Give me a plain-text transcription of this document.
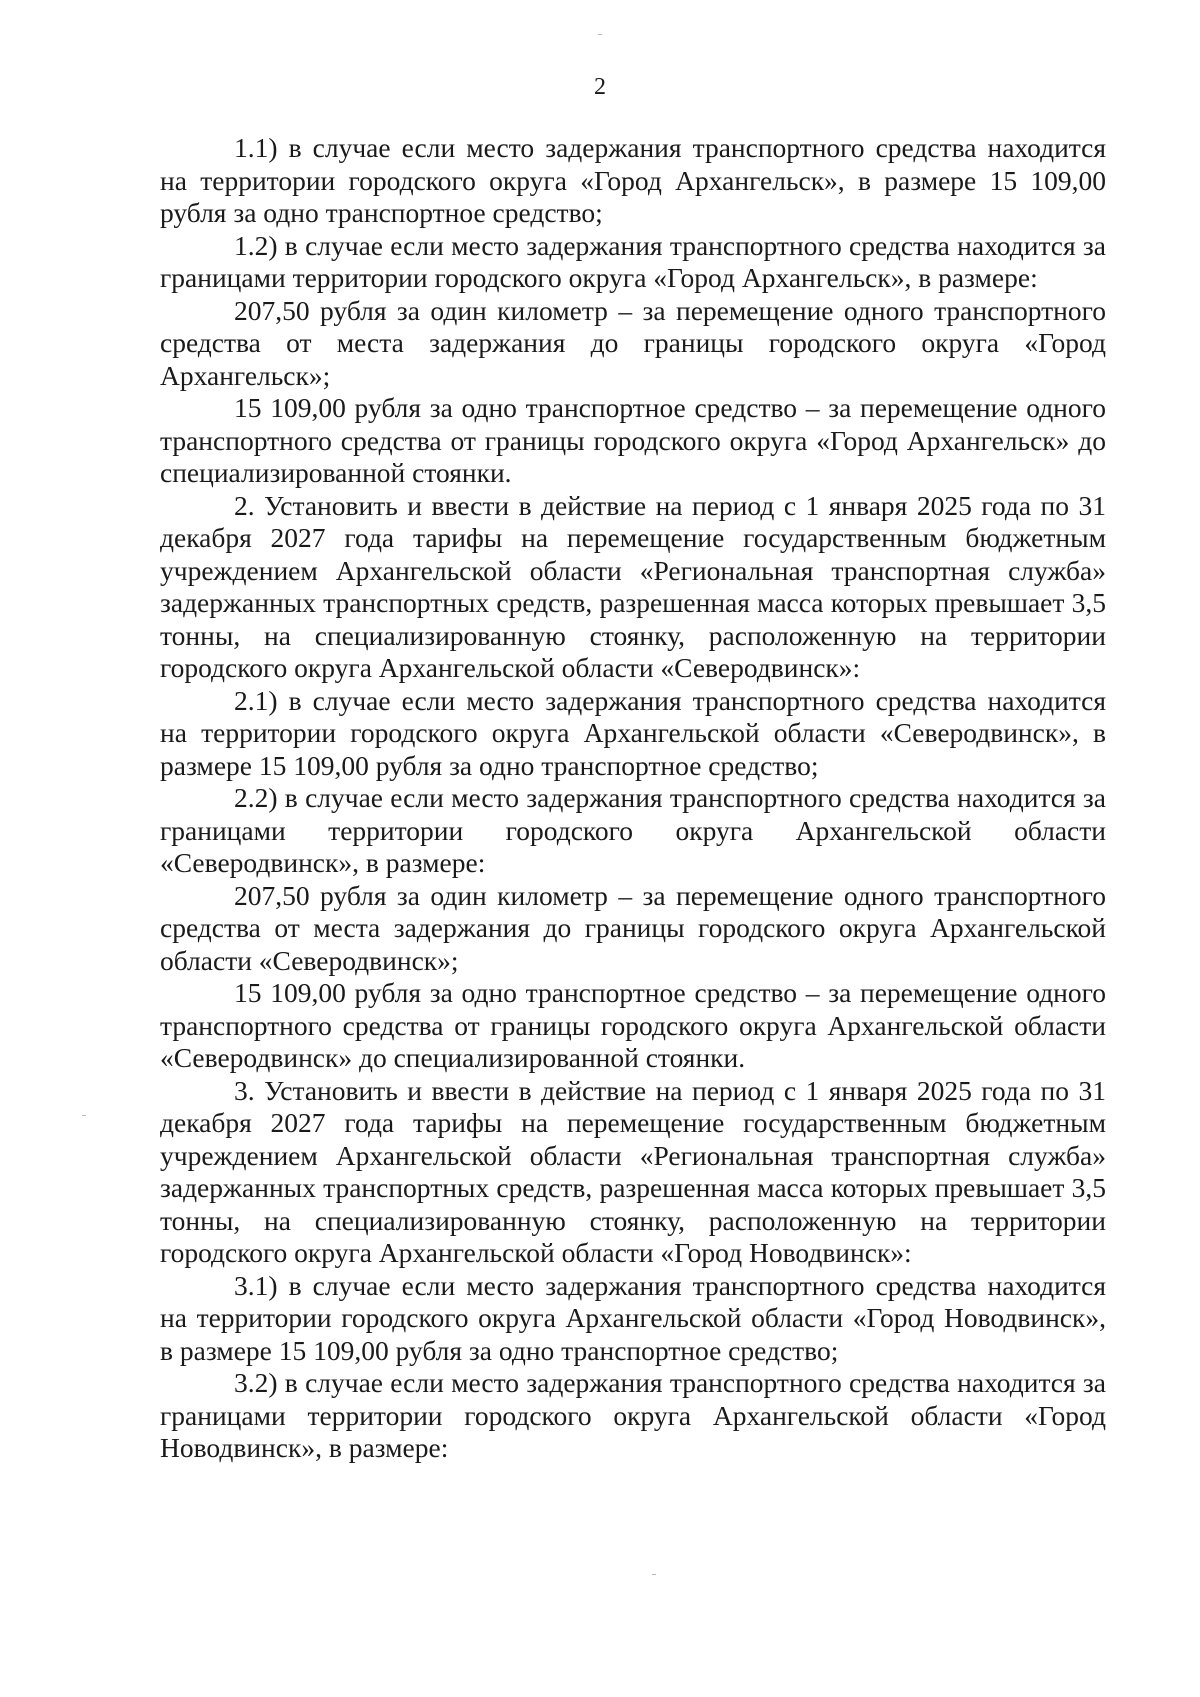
2

1.1) в случае если место задержания транспортного средства находится на территории городского округа «Город Архангельск», в размере 15 109,00 рубля за одно транспортное средство;

1.2) в случае если место задержания транспортного средства находится за границами территории городского округа «Город Архангельск», в размере:

207,50 рубля за один километр – за перемещение одного транспортного средства от места задержания до границы городского округа «Город Архангельск»;

15 109,00 рубля за одно транспортное средство – за перемещение одного транспортного средства от границы городского округа «Город Архангельск» до специализированной стоянки.

2. Установить и ввести в действие на период с 1 января 2025 года по 31 декабря 2027 года тарифы на перемещение государственным бюджетным учреждением Архангельской области «Региональная транспортная служба» задержанных транспортных средств, разрешенная масса которых превышает 3,5 тонны, на специализированную стоянку, расположенную на территории городского округа Архангельской области «Северодвинск»:

2.1) в случае если место задержания транспортного средства находится на территории городского округа Архангельской области «Северодвинск», в размере 15 109,00 рубля за одно транспортное средство;

2.2) в случае если место задержания транспортного средства находится за границами территории городского округа Архангельской области «Северодвинск», в размере:

207,50 рубля за один километр – за перемещение одного транспортного средства от места задержания до границы городского округа Архангельской области «Северодвинск»;

15 109,00 рубля за одно транспортное средство – за перемещение одного транспортного средства от границы городского округа Архангельской области «Северодвинск» до специализированной стоянки.

3. Установить и ввести в действие на период с 1 января 2025 года по 31 декабря 2027 года тарифы на перемещение государственным бюджетным учреждением Архангельской области «Региональная транспортная служба» задержанных транспортных средств, разрешенная масса которых превышает 3,5 тонны, на специализированную стоянку, расположенную на территории городского округа Архангельской области «Город Новодвинск»:

3.1) в случае если место задержания транспортного средства находится на территории городского округа Архангельской области «Город Новодвинск», в размере 15 109,00 рубля за одно транспортное средство;

3.2) в случае если место задержания транспортного средства находится за границами территории городского округа Архангельской области «Город Новодвинск», в размере:
